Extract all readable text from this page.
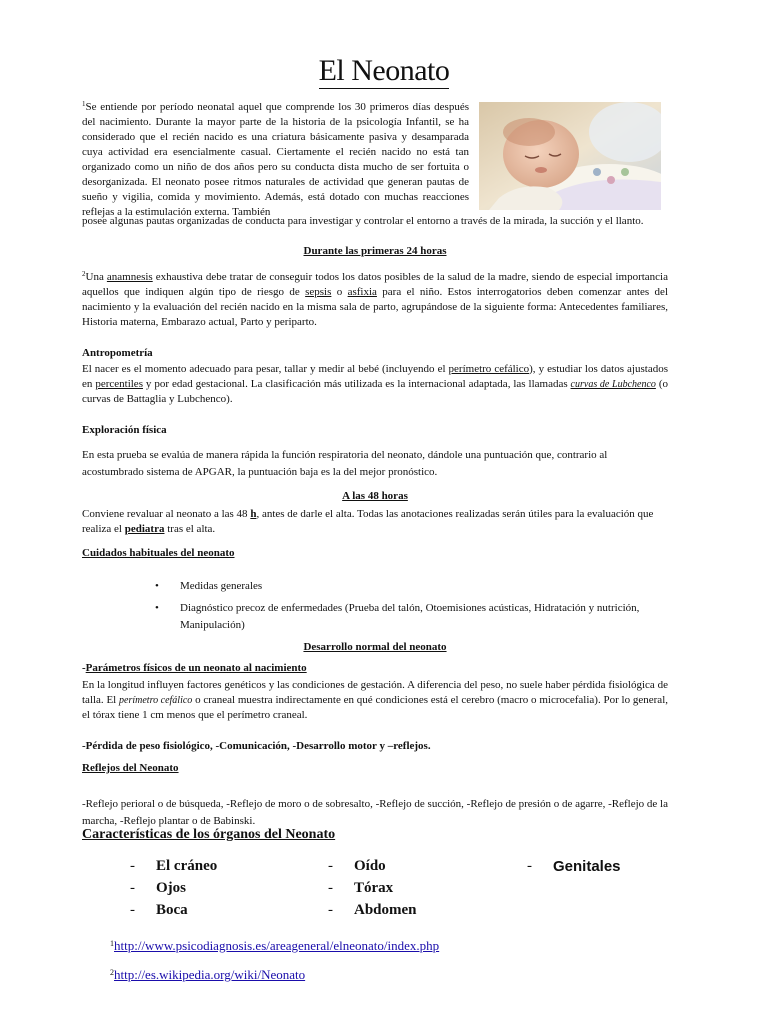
El Neonato
$^1$Se entiende por período neonatal aquel que comprende los 30 primeros días después del nacimiento. Durante la mayor parte de la historia de la psicología Infantil, se ha considerado que el recién nacido es una criatura básicamente pasiva y desamparada cuya actividad era esencialmente casual. Ciertamente el recién nacido no está tan organizado como un niño de dos años pero su conducta dista mucho de ser fortuita o desorganizada. El neonato posee ritmos naturales de actividad que generan pautas de sueño y vigilia, comida y movimiento. Además, está dotado con muchas reacciones reflejas a la estimulación externa. También
posee algunas pautas organizadas de conducta para investigar y controlar el entorno a través de la mirada, la succión y el llanto.
Durante las primeras 24 horas
$^2$Una anamnesis exhaustiva debe tratar de conseguir todos los datos posibles de la salud de la madre, siendo de especial importancia aquellos que indiquen algún tipo de riesgo de sepsis o asfixia para el niño. Estos interrogatorios deben comenzar antes del nacimiento y la evaluación del recién nacido en la misma sala de parto, agrupándose de la siguiente forma: Antecedentes familiares, Historia materna, Embarazo actual, Parto y periparto.
Antropometría
El nacer es el momento adecuado para pesar, tallar y medir al bebé (incluyendo el perímetro cefálico), y estudiar los datos ajustados en percentiles y por edad gestacional. La clasificación más utilizada es la internacional adaptada, las llamadas curvas de Lubchenco (o curvas de Battaglia y Lubchenco).
Exploración física
En esta prueba se evalúa de manera rápida la función respiratoria del neonato, dándole una puntuación que, contrario al acostumbrado sistema de APGAR, la puntuación baja es la del mejor pronóstico.
A las 48 horas
Conviene revaluar al neonato a las 48 h, antes de darle el alta. Todas las anotaciones realizadas serán útiles para la evaluación que realiza el pediatra tras el alta.
Cuidados habituales del neonato
• Medidas generales
• Diagnóstico precoz de enfermedades (Prueba del talón, Otoemisiones acústicas, Hidratación y nutrición, Manipulación)
Desarrollo normal del neonato
-Parámetros físicos de un neonato al nacimiento
En la longitud influyen factores genéticos y las condiciones de gestación. A diferencia del peso, no suele haber pérdida fisiológica de talla. El perímetro cefálico o craneal muestra indirectamente en qué condiciones está el cerebro (macro o microcefalia). Por lo general, el tórax tiene 1 cm menos que el perímetro craneal.
-Pérdida de peso fisiológico, -Comunicación, -Desarrollo motor y –reflejos.
Reflejos del Neonato
-Reflejo perioral o de búsqueda, -Reflejo de moro o de sobresalto, -Reflejo de succión, -Reflejo de presión o de agarre, -Reflejo de la marcha, -Reflejo plantar o de Babinski.
Características de los órganos del Neonato
- El cráneo
- Ojos
- Boca
- Oído
- Tórax
- Abdomen
- Genitales
$^1$http://www.psicodiagnosis.es/areageneral/elneonato/index.php
$^2$http://es.wikipedia.org/wiki/Neonato
